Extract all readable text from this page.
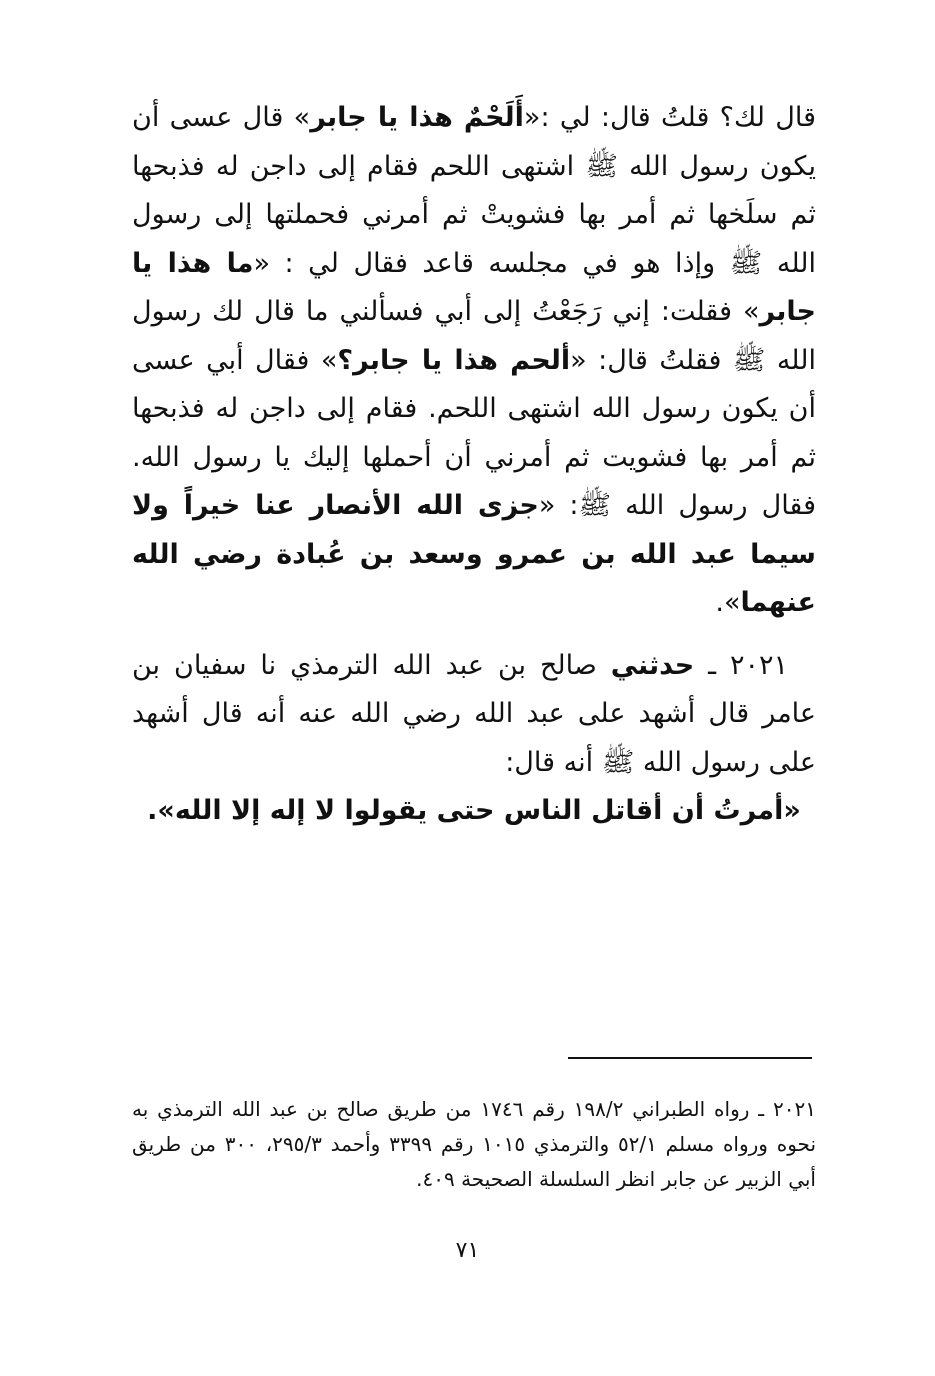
قال لك؟ قلتُ قال: لي :«أَلَحْمٌ هذا يا جابر» قال عسى أن يكون رسول الله ﷺ اشتهى اللحم فقام إلى داجن له فذبحها ثم سلَخها ثم أمر بها فشويتْ ثم أمرني فحملتها إلى رسول الله ﷺ وإذا هو في مجلسه قاعد فقال لي : «ما هذا يا جابر» فقلت: إني رَجَعْتُ إلى أبي فسألني ما قال لك رسول الله ﷺ فقلتُ قال: «ألحم هذا يا جابر؟» فقال أبي عسى أن يكون رسول الله اشتهى اللحم. فقام إلى داجن له فذبحها ثم أمر بها فشويت ثم أمرني أن أحملها إليك يا رسول الله. فقال رسول الله ﷺ: «جزى الله الأنصار عنا خيراً ولا سيما عبد الله بن عمرو وسعد بن عُبادة رضي الله عنهما».

٢٠٢١ ـ حدثني صالح بن عبد الله الترمذي نا سفيان بن عامر قال أشهد على عبد الله رضي الله عنه أنه قال أشهد على رسول الله ﷺ أنه قال:

«أمرتُ أن أقاتل الناس حتى يقولوا لا إله إلا الله».

٢٠٢١ ـ رواه الطبراني ١٩٨/٢ رقم ١٧٤٦ من طريق صالح بن عبد الله الترمذي به نحوه ورواه مسلم ٥٢/١ والترمذي ١٠١٥ رقم ٣٣٩٩ وأحمد ٢٩٥/٣، ٣٠٠ من طريق أبي الزبير عن جابر انظر السلسلة الصحيحة ٤٠٩.

٧١
